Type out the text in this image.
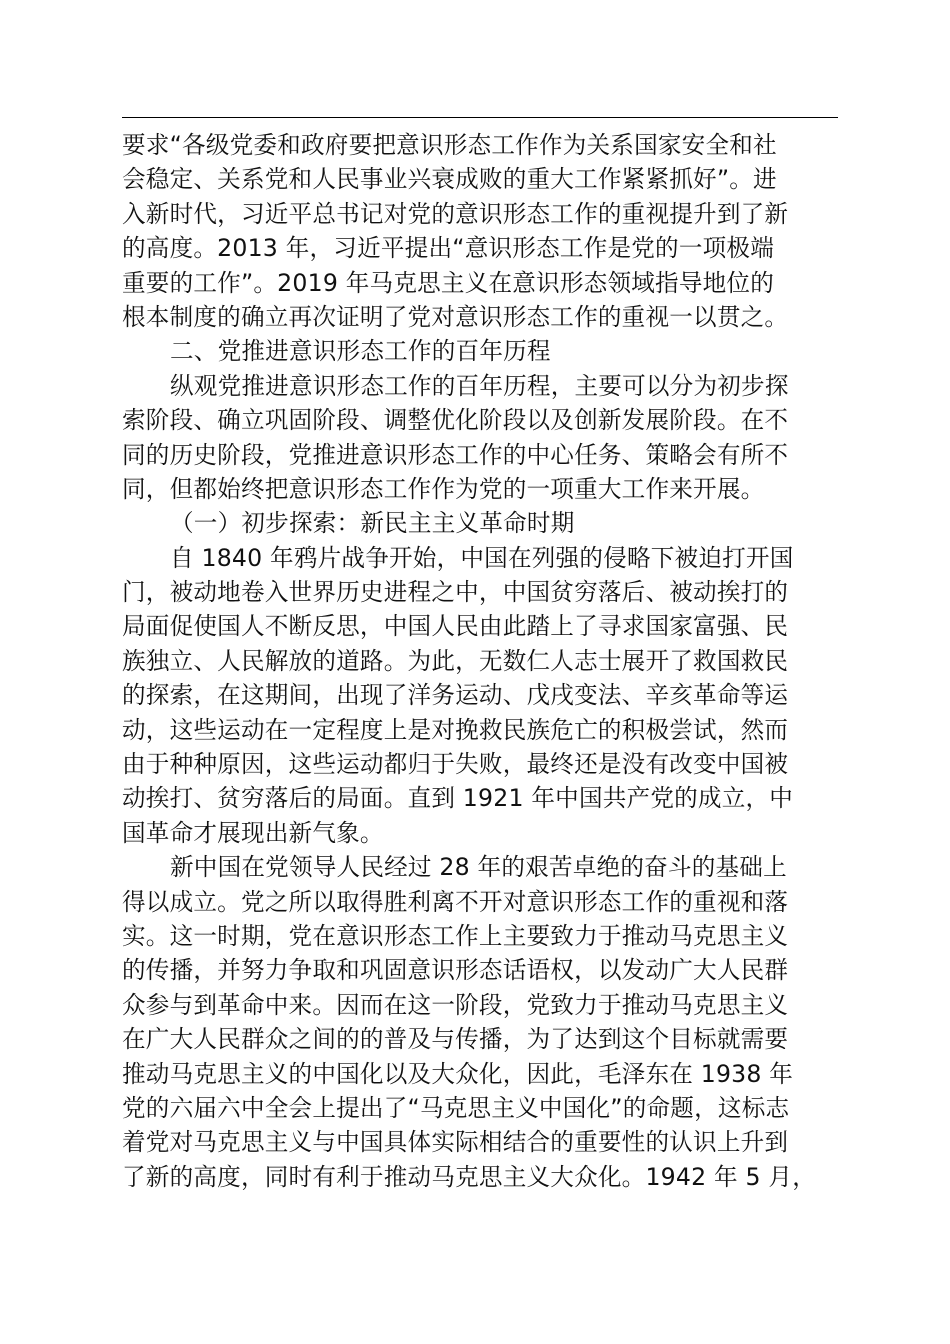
要求“各级党委和政府要把意识形态工作作为关系国家安全和社
会稳定、关系党和人民事业兴衰成败的重大工作紧紧抓好”。进
入新时代，习近平总书记对党的意识形态工作的重视提升到了新
的高度。2013 年，习近平提出“意识形态工作是党的一项极端
重要的工作”。2019 年马克思主义在意识形态领域指导地位的
根本制度的确立再次证明了党对意识形态工作的重视一以贯之。
二、党推进意识形态工作的百年历程
纵观党推进意识形态工作的百年历程，主要可以分为初步探
索阶段、确立巩固阶段、调整优化阶段以及创新发展阶段。在不
同的历史阶段，党推进意识形态工作的中心任务、策略会有所不
同，但都始终把意识形态工作作为党的一项重大工作来开展。
（一）初步探索：新民主主义革命时期
自 1840 年鸦片战争开始，中国在列强的侵略下被迫打开国
门，被动地卷入世界历史进程之中，中国贫穷落后、被动挨打的
局面促使国人不断反思，中国人民由此踏上了寻求国家富强、民
族独立、人民解放的道路。为此，无数仁人志士展开了救国救民
的探索，在这期间，出现了洋务运动、戊戌变法、辛亥革命等运
动，这些运动在一定程度上是对挽救民族危亡的积极尝试，然而
由于种种原因，这些运动都归于失败，最终还是没有改变中国被
动挨打、贫穷落后的局面。直到 1921 年中国共产党的成立，中
国革命才展现出新气象。
新中国在党领导人民经过 28 年的艰苦卓绝的奋斗的基础上
得以成立。党之所以取得胜利离不开对意识形态工作的重视和落
实。这一时期，党在意识形态工作上主要致力于推动马克思主义
的传播，并努力争取和巩固意识形态话语权，以发动广大人民群
众参与到革命中来。因而在这一阶段，党致力于推动马克思主义
在广大人民群众之间的的普及与传播，为了达到这个目标就需要
推动马克思主义的中国化以及大众化，因此，毛泽东在 1938 年
党的六届六中全会上提出了“马克思主义中国化”的命题，这标志
着党对马克思主义与中国具体实际相结合的重要性的认识上升到
了新的高度，同时有利于推动马克思主义大众化。1942 年 5 月，
